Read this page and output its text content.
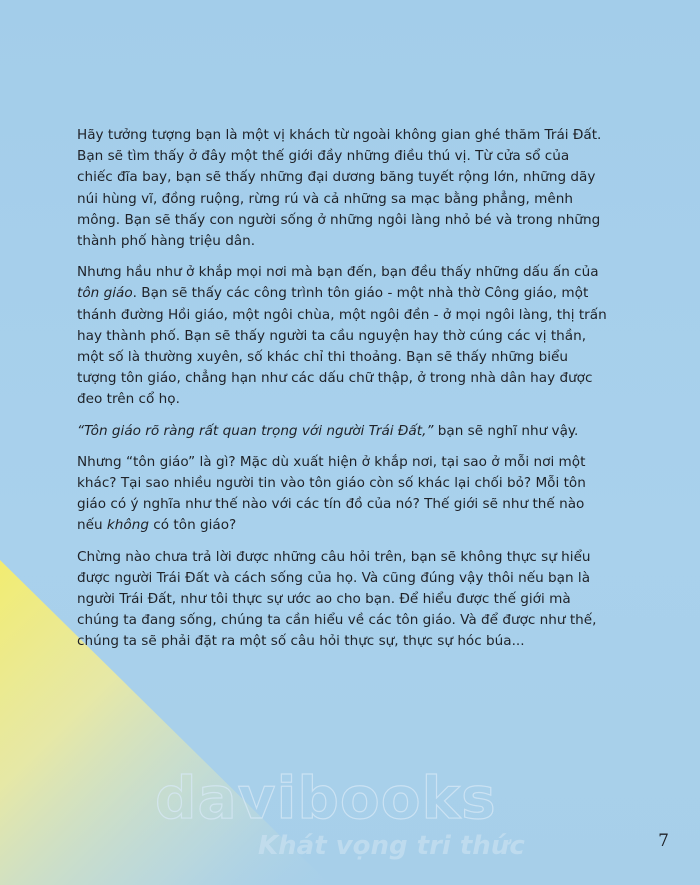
Hãy tưởng tượng bạn là một vị khách từ ngoài không gian ghé thăm Trái Đất. Bạn sẽ tìm thấy ở đây một thế giới đầy những điều thú vị. Từ cửa sổ của chiếc đĩa bay, bạn sẽ thấy những đại dương băng tuyết rộng lớn, những dãy núi hùng vĩ, đồng ruộng, rừng rú và cả những sa mạc bằng phẳng, mênh mông. Bạn sẽ thấy con người sống ở những ngôi làng nhỏ bé và trong những thành phố hàng triệu dân.

Nhưng hầu như ở khắp mọi nơi mà bạn đến, bạn đều thấy những dấu ấn của tôn giáo. Bạn sẽ thấy các công trình tôn giáo - một nhà thờ Công giáo, một thánh đường Hồi giáo, một ngôi chùa, một ngôi đền - ở mọi ngôi làng, thị trấn hay thành phố. Bạn sẽ thấy người ta cầu nguyện hay thờ cúng các vị thần, một số là thường xuyên, số khác chỉ thi thoảng. Bạn sẽ thấy những biểu tượng tôn giáo, chẳng hạn như các dấu chữ thập, ở trong nhà dân hay được đeo trên cổ họ.

“Tôn giáo rõ ràng rất quan trọng với người Trái Đất,” bạn sẽ nghĩ như vậy.

Nhưng “tôn giáo” là gì? Mặc dù xuất hiện ở khắp nơi, tại sao ở mỗi nơi một khác? Tại sao nhiều người tin vào tôn giáo còn số khác lại chối bỏ? Mỗi tôn giáo có ý nghĩa như thế nào với các tín đồ của nó? Thế giới sẽ như thế nào nếu không có tôn giáo?

Chừng nào chưa trả lời được những câu hỏi trên, bạn sẽ không thực sự hiểu được người Trái Đất và cách sống của họ. Và cũng đúng vậy thôi nếu bạn là người Trái Đất, như tôi thực sự ước ao cho bạn. Để hiểu được thế giới mà chúng ta đang sống, chúng ta cần hiểu về các tôn giáo. Và để được như thế, chúng ta sẽ phải đặt ra một số câu hỏi thực sự, thực sự hóc búa...

davibooks
Khát vọng tri thức	7
